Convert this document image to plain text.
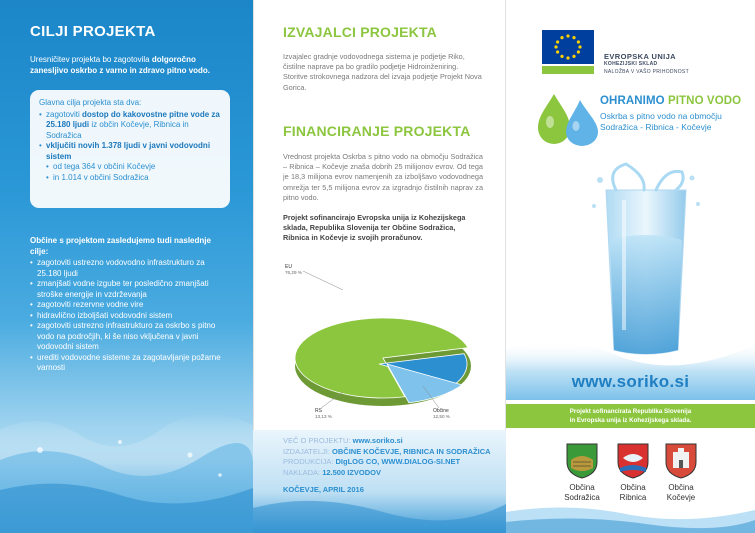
CILJI PROJEKTA
Uresničitev projekta bo zagotovila dolgoročno zanesljivo oskrbo z varno in zdravo pitno vodo.
Glavna cilja projekta sta dva:
• zagotoviti dostop do kakovostne pitne vode za 25.180 ljudi iz občin Kočevje, Ribnica in Sodražica
• vključiti novih 1.378 ljudi v javni vodovodni sistem
• od tega 364 v občini Kočevje
• in 1.014 v občini Sodražica
Občine s projektom zasledujemo tudi naslednje cilje:
• zagotoviti ustrezno vodovodno infrastrukturo za 25.180 ljudi
• zmanjšati vodne izgube ter posledično zmanjšati stroške energije in vzdrževanja
• zagotoviti rezervne vodne vire
• hidravlično izboljšati vodovodni sistem
• zagotoviti ustrezno infrastrukturo za oskrbo s pitno vodo na področjih, ki še niso vključena v javni vodovodni sistem
• urediti vodovodne sisteme za zagotavljanje požarne varnosti
IZVAJALCI PROJEKTA

Izvajalec gradnje vodovodnega sistema je podjetje Riko, čistilne naprave pa bo gradilo podjetje Hidroinženiring.
Storitve strokovnega nadzora del izvaja podjetje Projekt Nova Gorica.

FINANCIRANJE PROJEKTA

Vrednost projekta Oskrba s pitno vodo na območju Sodražica – Ribnica – Kočevje znaša dobrih 25 milijonov evrov. Od tega je 18,3 milijona evrov namenjenih za izboljšavo vodovodnega omrežja ter 5,5 milijona evrov za izgradnjo čistilnih naprav za pitno vodo.

Projekt sofinancirajo Evropska unija iz Kohezijskega sklada, Republika Slovenija ter Občine Sodražica, Ribnica in Kočevje iz svojih proračunov.

EU
76,29 %
RS
13,13 %
Občine
12,50 %
VEČ O PROJEKTU: www.soriko.si
IZDAJATELJI: OBČINE KOČEVJE, RIBNICA IN SODRAŽICA
PRODUKCIJA: DIgLOG CO, WWW.DIALOG-SI.NET
NAKLADA: 12.500 IZVODOV
KOČEVJE, APRIL 2016
EVROPSKA UNIJA
KOHEZIJSKI SKLAD
NALOŽBA V VAŠO PRIHODNOST
OHRANIMO PITNO VODO
Oskrba s pitno vodo na območju Sodražica - Ribnica - Kočevje
www.soriko.si
Projekt sofinancirata Republika Slovenija
in Evropska unija iz Kohezijskega sklada.
Občina
Sodražica
Občina
Ribnica
Občina
Kočevje
